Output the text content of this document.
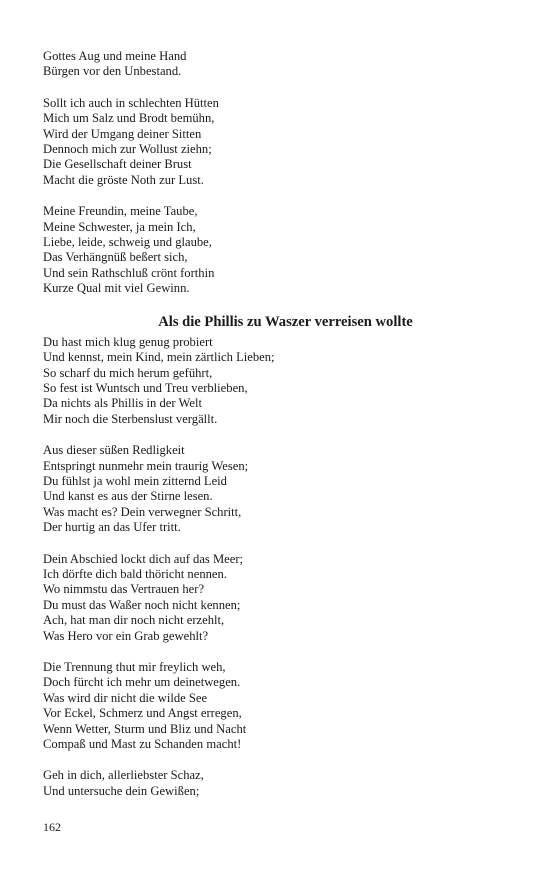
Gottes Aug und meine Hand
Bürgen vor den Unbestand.
Sollt ich auch in schlechten Hütten
Mich um Salz und Brodt bemühn,
Wird der Umgang deiner Sitten
Dennoch mich zur Wollust ziehn;
Die Gesellschaft deiner Brust
Macht die gröste Noth zur Lust.
Meine Freundin, meine Taube,
Meine Schwester, ja mein Ich,
Liebe, leide, schweig und glaube,
Das Verhängnüß beßert sich,
Und sein Rathschluß crönt forthin
Kurze Qual mit viel Gewinn.
Als die Phillis zu Waszer verreisen wollte
Du hast mich klug genug probiert
Und kennst, mein Kind, mein zärtlich Lieben;
So scharf du mich herum geführt,
So fest ist Wuntsch und Treu verblieben,
Da nichts als Phillis in der Welt
Mir noch die Sterbenslust vergällt.
Aus dieser süßen Redligkeit
Entspringt nunmehr mein traurig Wesen;
Du fühlst ja wohl mein zitternd Leid
Und kanst es aus der Stirne lesen.
Was macht es? Dein verwegner Schritt,
Der hurtig an das Ufer tritt.
Dein Abschied lockt dich auf das Meer;
Ich dörfte dich bald thöricht nennen.
Wo nimmstu das Vertrauen her?
Du must das Waßer noch nicht kennen;
Ach, hat man dir noch nicht erzehlt,
Was Hero vor ein Grab gewehlt?
Die Trennung thut mir freylich weh,
Doch fürcht ich mehr um deinetwegen.
Was wird dir nicht die wilde See
Vor Eckel, Schmerz und Angst erregen,
Wenn Wetter, Sturm und Bliz und Nacht
Compaß und Mast zu Schanden macht!
Geh in dich, allerliebster Schaz,
Und untersuche dein Gewißen;
162
